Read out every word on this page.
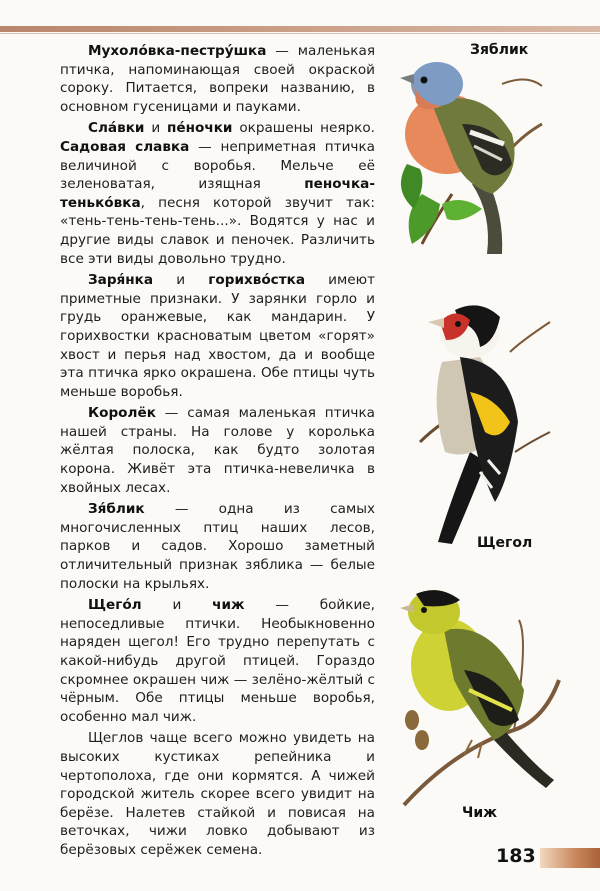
Мухоло́вка-пестру́шка — маленькая птичка, напоминающая своей окраской сороку. Питается, вопреки названию, в основном гусеницами и пауками.

Сла́вки и пе́ночки окрашены неярко. Садовая славка — неприметная птичка величиной с воробья. Мельче её зеленоватая, изящная пеночка-тенько́вка, песня которой звучит так: «тень-тень-тень-тень...». Водятся у нас и другие виды славок и пеночек. Различить все эти виды довольно трудно.

Заря́нка и горихво́стка имеют приметные признаки. У зарянки горло и грудь оранжевые, как мандарин. У горихвостки красноватым цветом «горят» хвост и перья над хвостом, да и вообще эта птичка ярко окрашена. Обе птицы чуть меньше воробья.

Королёк — самая маленькая птичка нашей страны. На голове у королька жёлтая полоска, как будто золотая корона. Живёт эта птичка-невеличка в хвойных лесах.

Зя́блик — одна из самых многочисленных птиц наших лесов, парков и садов. Хорошо заметный отличительный признак зяблика — белые полоски на крыльях.

Щего́л и чиж — бойкие, непоседливые птички. Необыкновенно наряден щегол! Его трудно перепутать с какой-нибудь другой птицей. Гораздо скромнее окрашен чиж — зелёно-жёлтый с чёрным. Обе птицы меньше воробья, особенно мал чиж.

Щеглов чаще всего можно увидеть на высоких кустиках репейника и чертополоха, где они кормятся. А чижей городской житель скорее всего увидит на берёзе. Налетев стайкой и повисая на веточках, чижи ловко добывают из берёзовых серёжек семена.

Зяблик
Щегол
Чиж
183
